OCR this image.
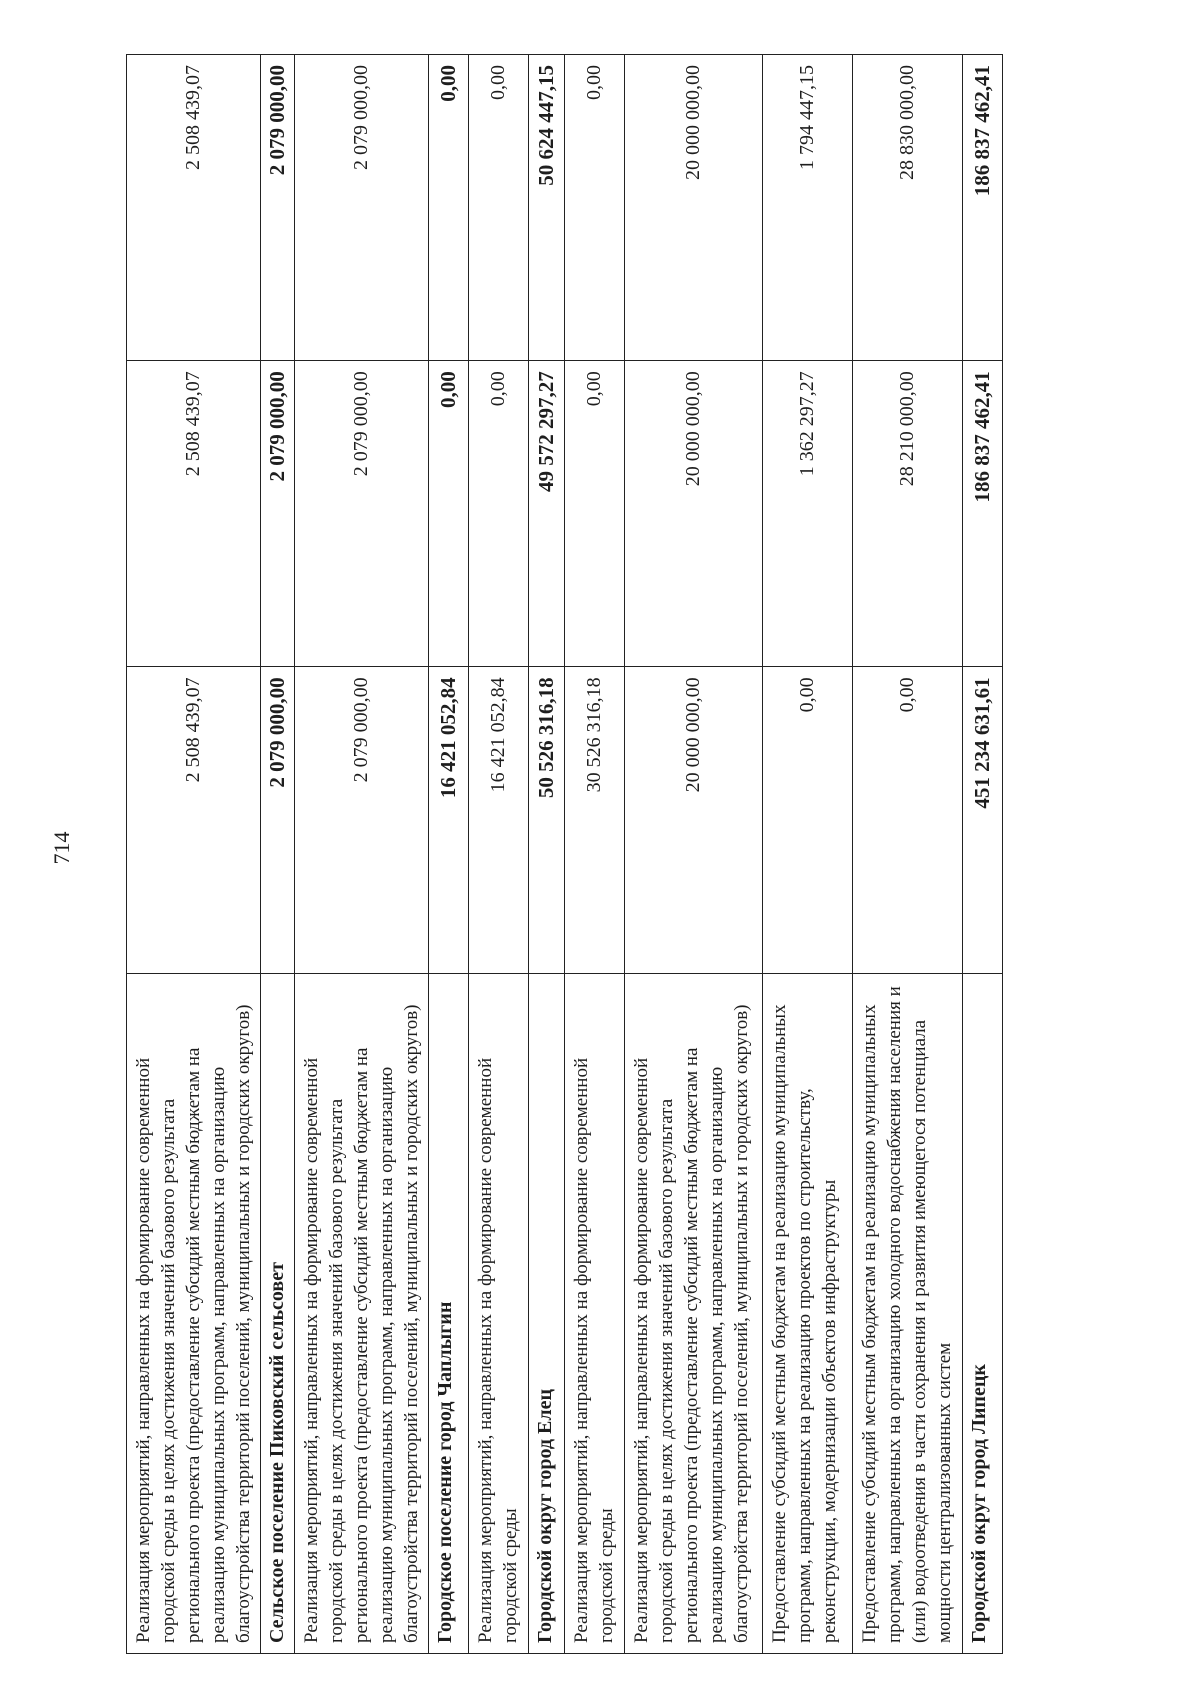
714
Реализация мероприятий, направленных на формирование современной городской среды в целях достижения значений базового результата регионального проекта (предоставление субсидий местным бюджетам на реализацию муниципальных программ, направленных на организацию благоустройства территорий поселений, муниципальных и городских округов)	2 508 439,07	2 508 439,07	2 508 439,07
Сельское поселение Пиковский сельсовет	2 079 000,00	2 079 000,00	2 079 000,00
Реализация мероприятий, направленных на формирование современной городской среды в целях достижения значений базового результата регионального проекта (предоставление субсидий местным бюджетам на реализацию муниципальных программ, направленных на организацию благоустройства территорий поселений, муниципальных и городских округов)	2 079 000,00	2 079 000,00	2 079 000,00
Городское поселение город Чаплыгин	16 421 052,84	0,00	0,00
Реализация мероприятий, направленных на формирование современной городской среды	16 421 052,84	0,00	0,00
Городской округ город Елец	50 526 316,18	49 572 297,27	50 624 447,15
Реализация мероприятий, направленных на формирование современной городской среды	30 526 316,18	0,00	0,00
Реализация мероприятий, направленных на формирование современной городской среды в целях достижения значений базового результата регионального проекта (предоставление субсидий местным бюджетам на реализацию муниципальных программ, направленных на организацию благоустройства территорий поселений, муниципальных и городских округов)	20 000 000,00	20 000 000,00	20 000 000,00
Предоставление субсидий местным бюджетам на реализацию муниципальных программ, направленных на реализацию проектов по строительству, реконструкции, модернизации объектов инфраструктуры	0,00	1 362 297,27	1 794 447,15
Предоставление субсидий местным бюджетам на реализацию муниципальных программ, направленных на организацию холодного водоснабжения населения и (или) водоотведения в части сохранения и развития имеющегося потенциала мощности централизованных систем	0,00	28 210 000,00	28 830 000,00
Городской округ город Липецк	451 234 631,61	186 837 462,41	186 837 462,41
